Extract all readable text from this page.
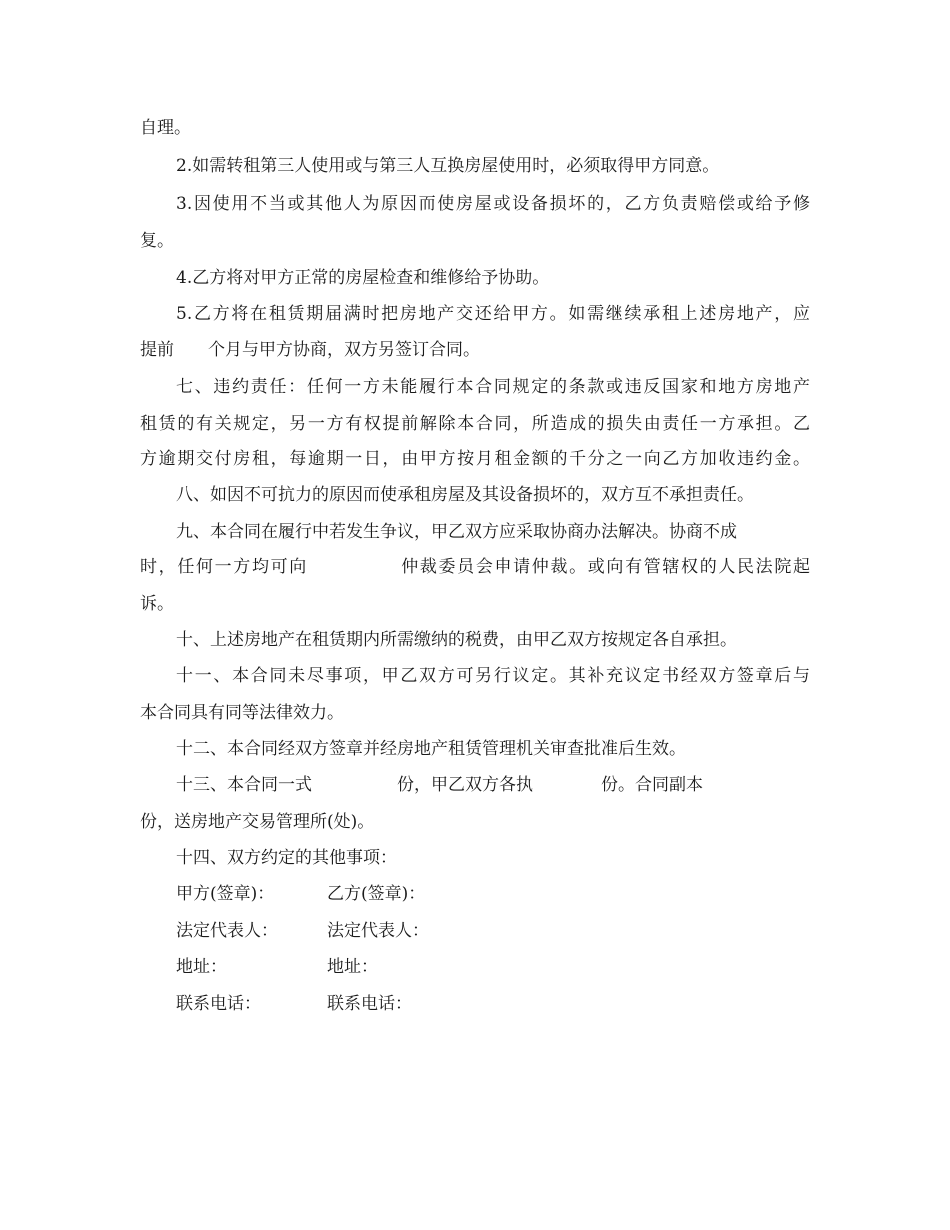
自理。
2.如需转租第三人使用或与第三人互换房屋使用时，必须取得甲方同意。
3.因使用不当或其他人为原因而使房屋或设备损坏的，乙方负责赔偿或给予修
复。
4.乙方将对甲方正常的房屋检查和维修给予协助。
5.乙方将在租赁期届满时把房地产交还给甲方。如需继续承租上述房地产，应
提前　　个月与甲方协商，双方另签订合同。
七、违约责任：任何一方未能履行本合同规定的条款或违反国家和地方房地产
租赁的有关规定，另一方有权提前解除本合同，所造成的损失由责任一方承担。乙
方逾期交付房租，每逾期一日，由甲方按月租金额的千分之一向乙方加收违约金。
八、如因不可抗力的原因而使承租房屋及其设备损坏的，双方互不承担责任。
九、本合同在履行中若发生争议，甲乙双方应采取协商办法解决。协商不成
时，任何一方均可向　　　　　仲裁委员会申请仲裁。或向有管辖权的人民法院起
诉。
十、上述房地产在租赁期内所需缴纳的税费，由甲乙双方按规定各自承担。
十一、本合同未尽事项，甲乙双方可另行议定。其补充议定书经双方签章后与
本合同具有同等法律效力。
十二、本合同经双方签章并经房地产租赁管理机关审查批准后生效。
十三、本合同一式　　　　　份，甲乙双方各执　　　　份。合同副本
份，送房地产交易管理所(处)。
十四、双方约定的其他事项：
甲方(签章)：	乙方(签章)：
法定代表人：	法定代表人：
地址：	地址：
联系电话：	联系电话：
